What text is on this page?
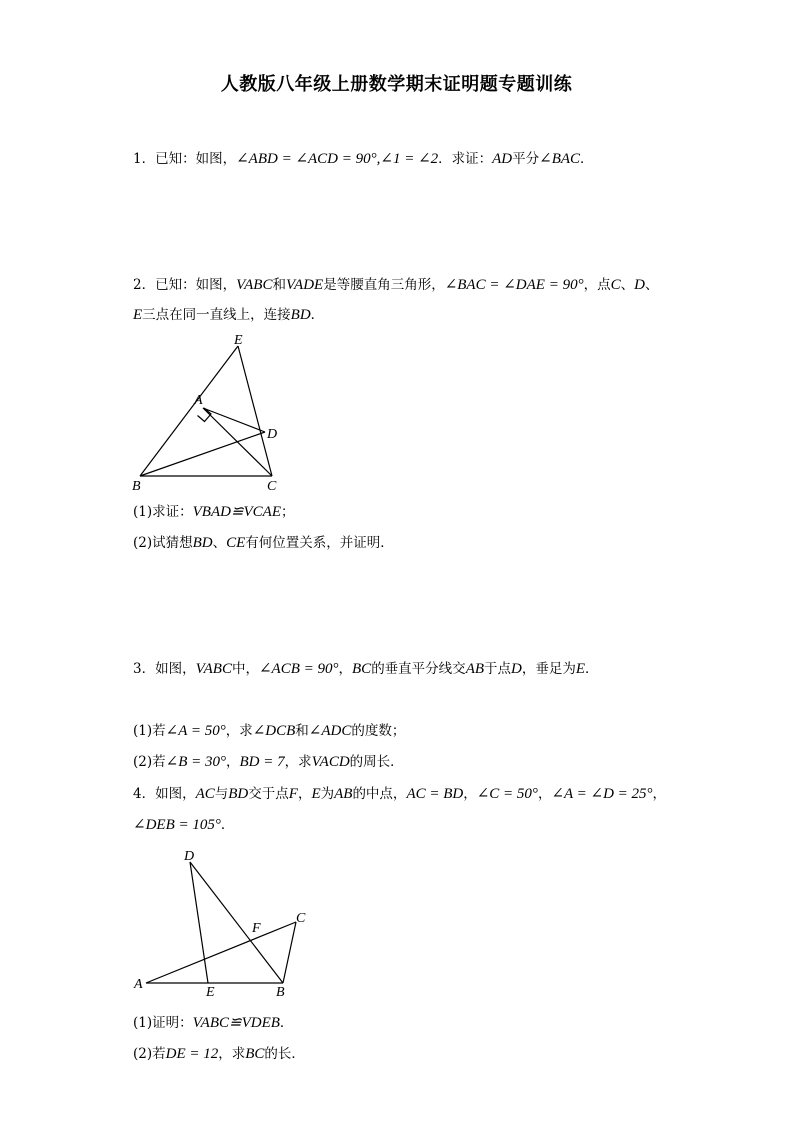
人教版八年级上册数学期末证明题专题训练
1．已知：如图，∠ABD = ∠ACD = 90°,∠1 = ∠2．求证：AD平分∠BAC．
2．已知：如图，VABC和VADE是等腰直角三角形，∠BAC = ∠DAE = 90°，点C、D、
E三点在同一直线上，连接BD．
E
A
D
B	C
(1)求证：VBAD≌VCAE；
(2)试猜想BD、CE有何位置关系，并证明．
3．如图，VABC中，∠ACB = 90°，BC的垂直平分线交AB于点D，垂足为E．
(1)若∠A = 50°，求∠DCB和∠ADC的度数；
(2)若∠B = 30°，BD = 7，求VACD的周长．
4．如图，AC与BD交于点F，E为AB的中点，AC = BD，∠C = 50°，∠A = ∠D = 25°，
∠DEB = 105°．
D
F
C
A
E	B
(1)证明：VABC≌VDEB．
(2)若DE = 12，求BC的长．
